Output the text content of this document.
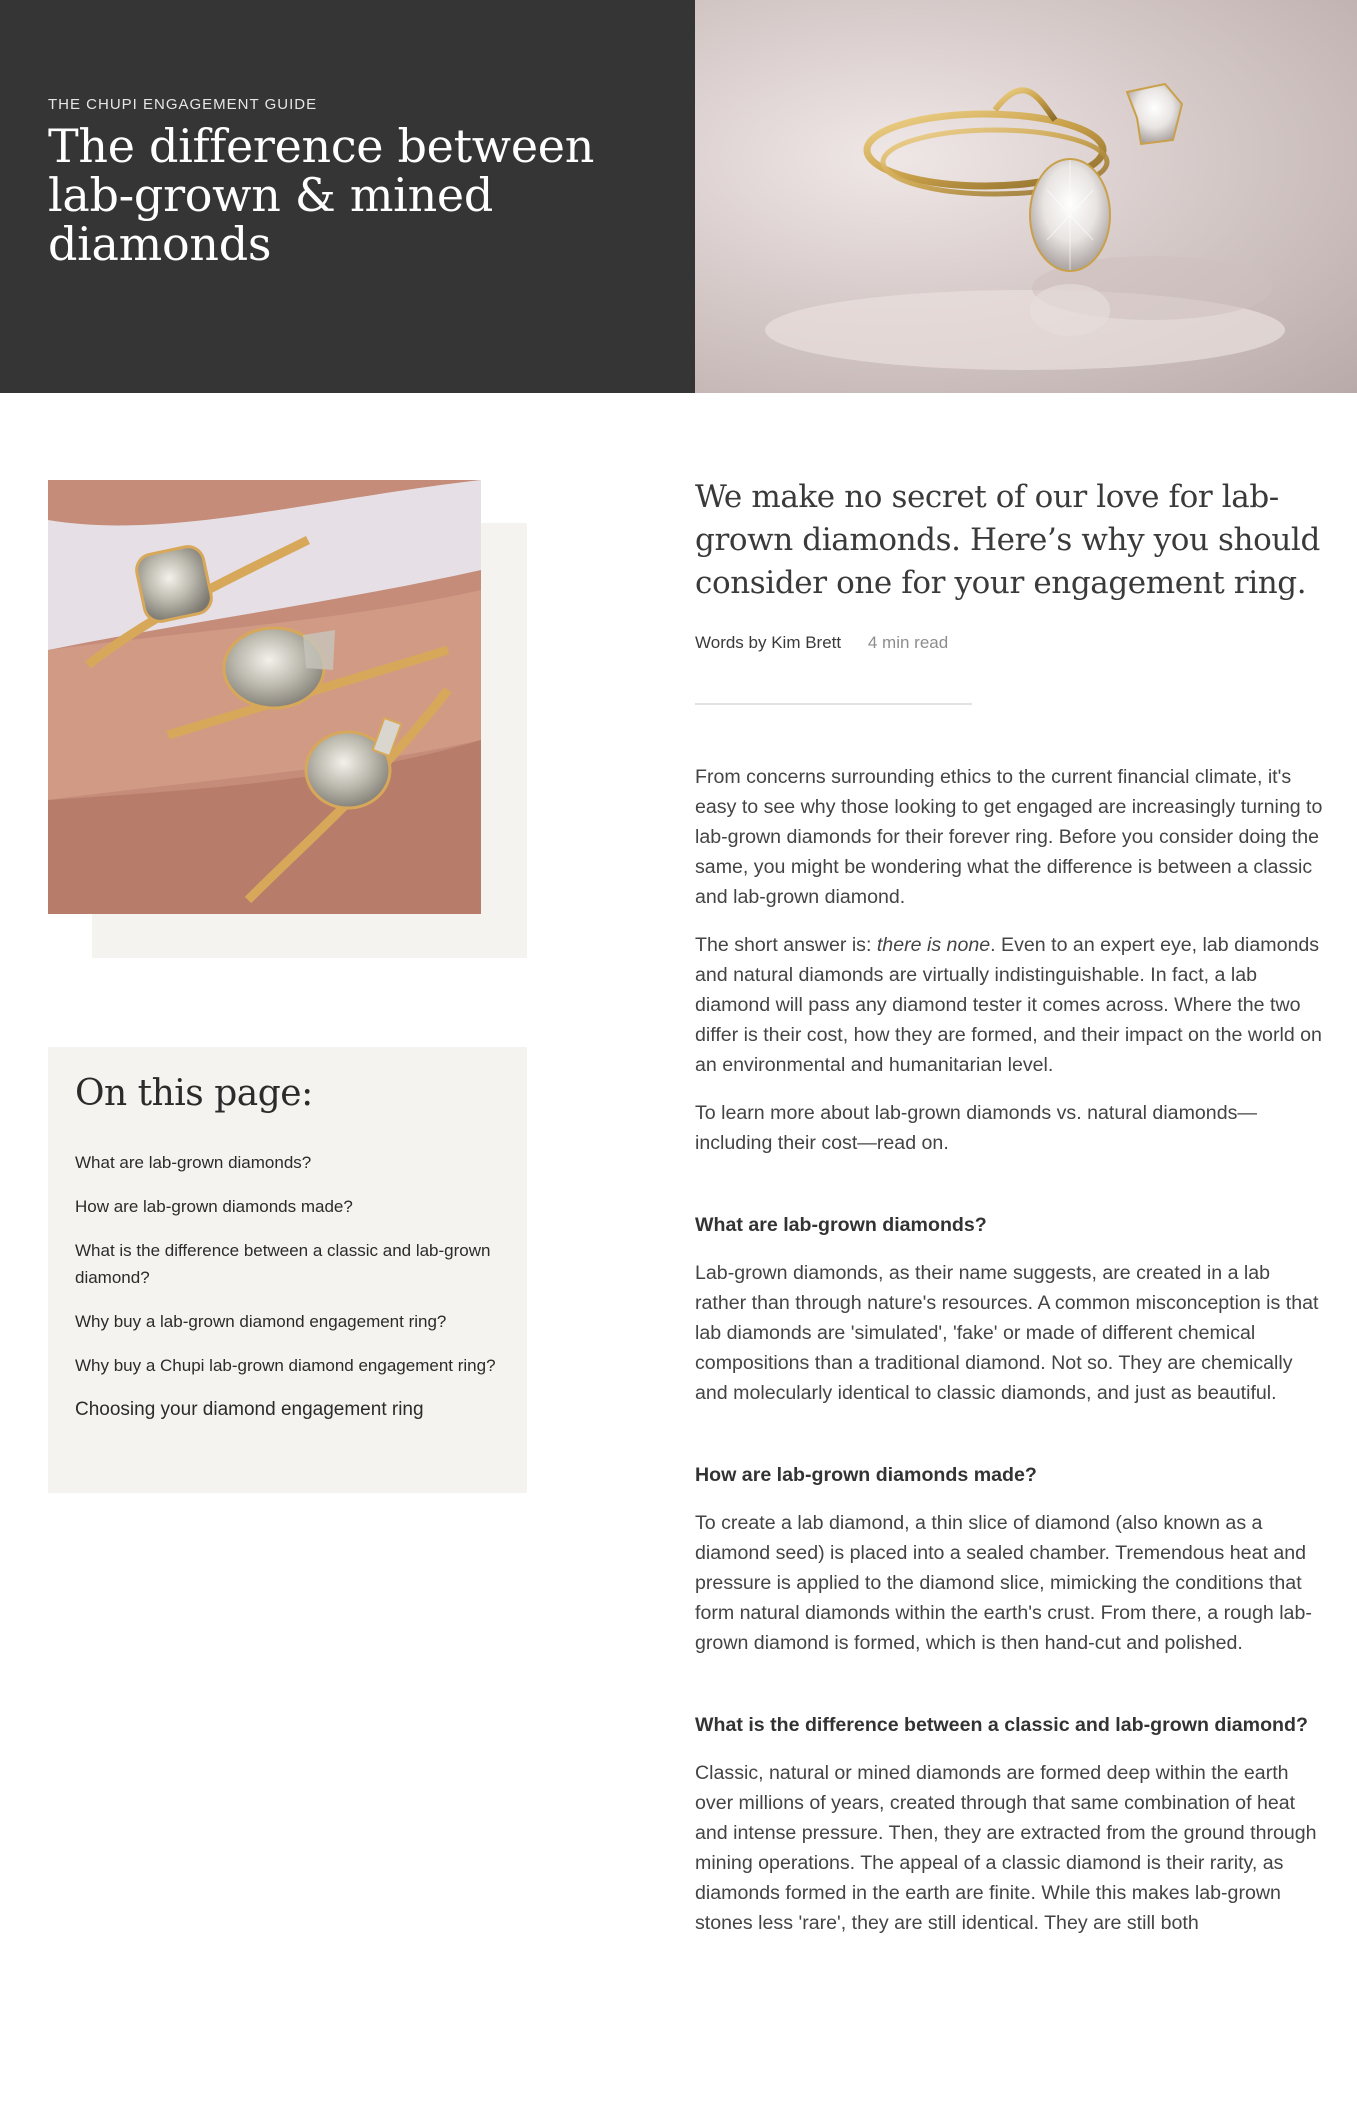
THE CHUPI ENGAGEMENT GUIDE
The difference between lab-grown & mined diamonds
On this page:
What are lab-grown diamonds?
How are lab-grown diamonds made?
What is the difference between a classic and lab-grown diamond?
Why buy a lab-grown diamond engagement ring?
Why buy a Chupi lab-grown diamond engagement ring?
Choosing your diamond engagement ring

We make no secret of our love for lab-grown diamonds. Here’s why you should consider one for your engagement ring.

Words by Kim Brett 4 min read

From concerns surrounding ethics to the current financial climate, it's easy to see why those looking to get engaged are increasingly turning to lab-grown diamonds for their forever ring. Before you consider doing the same, you might be wondering what the difference is between a classic and lab-grown diamond.

The short answer is: there is none. Even to an expert eye, lab diamonds and natural diamonds are virtually indistinguishable. In fact, a lab diamond will pass any diamond tester it comes across. Where the two differ is their cost, how they are formed, and their impact on the world on an environmental and humanitarian level.

To learn more about lab-grown diamonds vs. natural diamonds—including their cost—read on.

What are lab-grown diamonds?

Lab-grown diamonds, as their name suggests, are created in a lab rather than through nature's resources. A common misconception is that lab diamonds are 'simulated', 'fake' or made of different chemical compositions than a traditional diamond. Not so. They are chemically and molecularly identical to classic diamonds, and just as beautiful.

How are lab-grown diamonds made?

To create a lab diamond, a thin slice of diamond (also known as a diamond seed) is placed into a sealed chamber. Tremendous heat and pressure is applied to the diamond slice, mimicking the conditions that form natural diamonds within the earth's crust. From there, a rough lab-grown diamond is formed, which is then hand-cut and polished.

What is the difference between a classic and lab-grown diamond?

Classic, natural or mined diamonds are formed deep within the earth over millions of years, created through that same combination of heat and intense pressure. Then, they are extracted from the ground through mining operations. The appeal of a classic diamond is their rarity, as diamonds formed in the earth are finite. While this makes lab-grown stones less 'rare', they are still identical. They are still both
